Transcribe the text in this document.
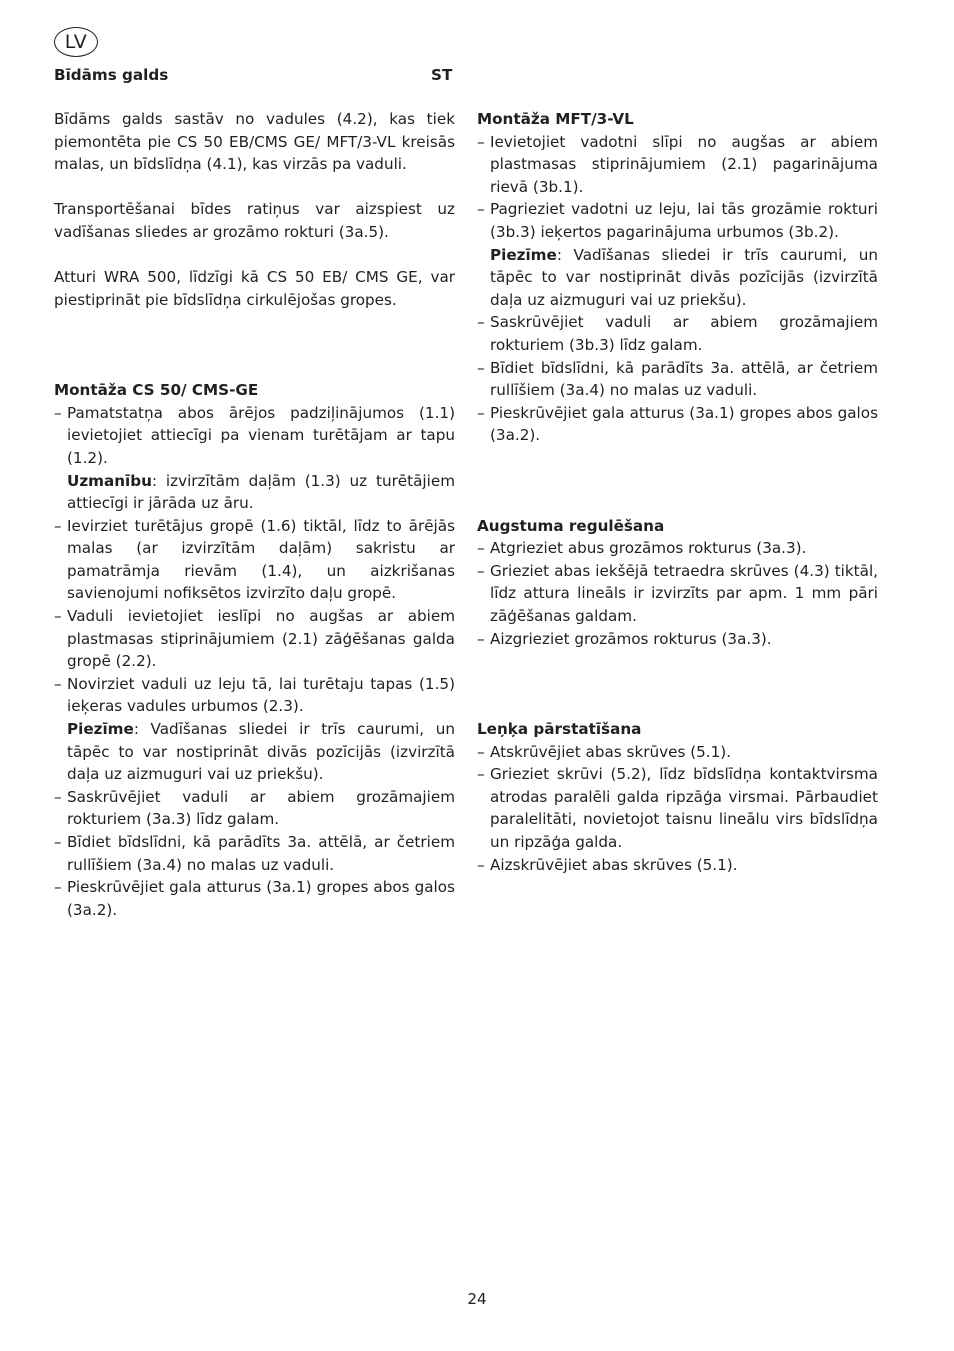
LV
Bīdāms galds	ST

Bīdāms galds sastāv no vadules (4.2), kas tiek piemontēta pie CS 50 EB/CMS GE/ MFT/3-VL kreisās malas, un bīdslīdņa (4.1), kas virzās pa vaduli.

Transportēšanai bīdes ratiņus var aizspiest uz vadīšanas sliedes ar grozāmo rokturi (3a.5).

Atturi WRA 500, līdzīgi kā CS 50 EB/ CMS GE, var piestiprināt pie bīdslīdņa cirkulējošas gropes.

Montāža CS 50/ CMS-GE

– Pamatstatņa abos ārējos padziļinājumos (1.1) ievietojiet attiecīgi pa vienam turētājam ar tapu (1.2).
Uzmanību: izvirzītām daļām (1.3) uz turētājiem attiecīgi ir jārāda uz āru.
– Ievirziet turētājus gropē (1.6) tiktāl, līdz to ārējās malas (ar izvirzītām daļām) sakristu ar pamatrāmja rievām (1.4), un aizkrišanas savienojumi nofiksētos izvirzīto daļu gropē.
– Vaduli ievietojiet ieslīpi no augšas ar abiem plastmasas stiprinājumiem (2.1) zāģēšanas galda gropē (2.2).
– Novirziet vaduli uz leju tā, lai turētaju tapas (1.5) ieķeras vadules urbumos (2.3).
Piezīme: Vadīšanas sliedei ir trīs caurumi, un tāpēc to var nostiprināt divās pozīcijās (izvirzītā daļa uz aizmuguri vai uz priekšu).
– Saskrūvējiet vaduli ar abiem grozāmajiem rokturiem (3a.3) līdz galam.
– Bīdiet bīdslīdni, kā parādīts 3a. attēlā, ar četriem rullīšiem (3a.4) no malas uz vaduli.
– Pieskrūvējiet gala atturus (3a.1) gropes abos galos (3a.2).

Montāža MFT/3-VL

– Ievietojiet vadotni slīpi no augšas ar abiem plastmasas stiprinājumiem (2.1) pagarinājuma rievā (3b.1).
– Pagrieziet vadotni uz leju, lai tās grozāmie rokturi (3b.3) ieķertos pagarinājuma urbumos (3b.2).
Piezīme: Vadīšanas sliedei ir trīs caurumi, un tāpēc to var nostiprināt divās pozīcijās (izvirzītā daļa uz aizmuguri vai uz priekšu).
– Saskrūvējiet vaduli ar abiem grozāmajiem rokturiem (3b.3) līdz galam.
– Bīdiet bīdslīdni, kā parādīts 3a. attēlā, ar četriem rullīšiem (3a.4) no malas uz vaduli.
– Pieskrūvējiet gala atturus (3a.1) gropes abos galos (3a.2).

Augstuma regulēšana

– Atgrieziet abus grozāmos rokturus (3a.3).
– Grieziet abas iekšējā tetraedra skrūves (4.3) tiktāl, līdz attura lineāls ir izvirzīts par apm. 1 mm pāri zāģēšanas galdam.
– Aizgrieziet grozāmos rokturus (3a.3).

Leņķa pārstatīšana

– Atskrūvējiet abas skrūves (5.1).
– Grieziet skrūvi (5.2), līdz bīdslīdņa kontaktvirsma atrodas paralēli galda ripzāģa virsmai. Pārbaudiet paralelitāti, novietojot taisnu lineālu virs bīdslīdņa un ripzāģa galda.
– Aizskrūvējiet abas skrūves (5.1).
24
